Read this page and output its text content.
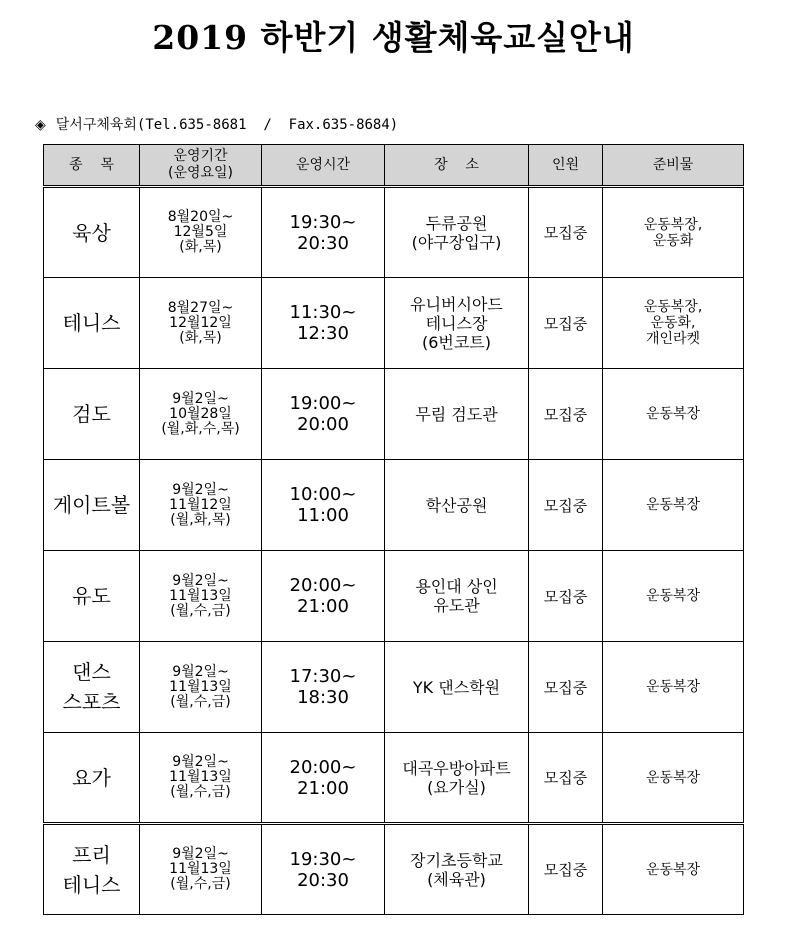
2019 하반기 생활체육교실안내
◈ 달서구체육회(Tel.635-8681  /  Fax.635-8684)
종    목	운영기간
(운영요일)	운영시간	장    소	인원	준비물

육상	8월20일~
12월5일
(화,목)	19:30~
20:30	두류공원
(야구장입구)	모집중	운동복장,
운동화

테니스	8월27일~
12월12일
(화,목)	11:30~
12:30	유니버시아드
테니스장
(6번코트)	모집중	운동복장,
운동화,
개인라켓

검도	9월2일~
10월28일
(월,화,수,목)	19:00~
20:00	무림 검도관	모집중	운동복장

게이트볼	9월2일~
11월12일
(월,화,목)	10:00~
11:00	학산공원	모집중	운동복장

유도	9월2일~
11월13일
(월,수,금)	20:00~
21:00	용인대 상인
유도관	모집중	운동복장

댄스
스포츠	9월2일~
11월13일
(월,수,금)	17:30~
18:30	YK 댄스학원	모집중	운동복장

요가	9월2일~
11월13일
(월,수,금)	20:00~
21:00	대곡우방아파트
(요가실)	모집중	운동복장

프리
테니스	9월2일~
11월13일
(월,수,금)	19:30~
20:30	장기초등학교
(체육관)	모집중	운동복장
